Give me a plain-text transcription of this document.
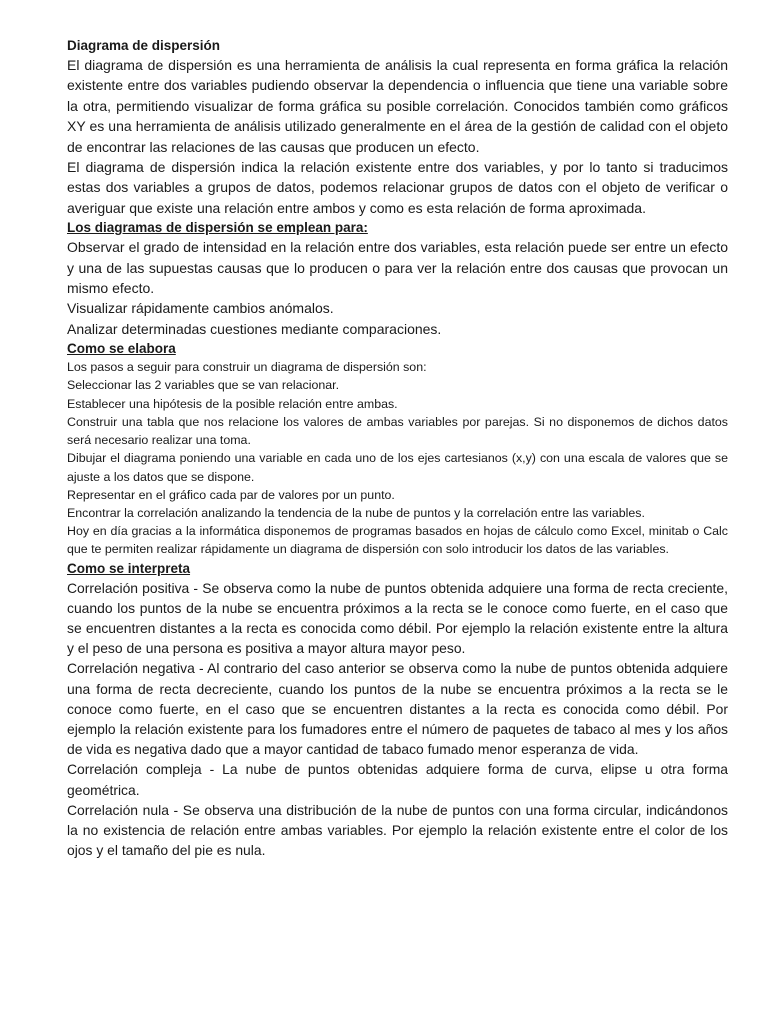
Diagrama de dispersión

El diagrama de dispersión es una herramienta de análisis la cual representa en forma gráfica la relación existente entre dos variables pudiendo observar la dependencia o influencia que tiene una variable sobre la otra, permitiendo visualizar de forma gráfica su posible correlación. Conocidos también como gráficos XY es una herramienta de análisis utilizado generalmente en el área de la gestión de calidad con el objeto de encontrar las relaciones de las causas que producen un efecto.

El diagrama de dispersión indica la relación existente entre dos variables, y por lo tanto si traducimos estas dos variables a grupos de datos, podemos relacionar grupos de datos con el objeto de verificar o averiguar que existe una relación entre ambos y como es esta relación de forma aproximada.

Los diagramas de dispersión se emplean para:

Observar el grado de intensidad en la relación entre dos variables, esta relación puede ser entre un efecto y una de las supuestas causas que lo producen o para ver la relación entre dos causas que provocan un mismo efecto.

Visualizar rápidamente cambios anómalos.

Analizar determinadas cuestiones mediante comparaciones.

Como se elabora

Los pasos a seguir para construir un diagrama de dispersión son:

Seleccionar las 2 variables que se van relacionar.

Establecer una hipótesis de la posible relación entre ambas.

Construir una tabla que nos relacione los valores de ambas variables por parejas. Si no disponemos de dichos datos será necesario realizar una toma.

Dibujar el diagrama poniendo una variable en cada uno de los ejes cartesianos (x,y) con una escala de valores que se ajuste a los datos que se dispone.

Representar en el gráfico cada par de valores por un punto.

Encontrar la correlación analizando la tendencia de la nube de puntos y la correlación entre las variables.

Hoy en día gracias a la informática disponemos de programas basados en hojas de cálculo como Excel, minitab o Calc que te permiten realizar rápidamente un diagrama de dispersión con solo introducir los datos de las variables.

Como se interpreta

Correlación positiva - Se observa como la nube de puntos obtenida adquiere una forma de recta creciente, cuando los puntos de la nube se encuentra próximos a la recta se le conoce como fuerte, en el caso que se encuentren distantes a la recta es conocida como débil. Por ejemplo la relación existente entre la altura y el peso de una persona es positiva a mayor altura mayor peso.

Correlación negativa - Al contrario del caso anterior se observa como la nube de puntos obtenida adquiere una forma de recta decreciente, cuando los puntos de la nube se encuentra próximos a la recta se le conoce como fuerte, en el caso que se encuentren distantes a la recta es conocida como débil. Por ejemplo la relación existente para los fumadores entre el número de paquetes de tabaco al mes y los años de vida es negativa dado que a mayor cantidad de tabaco fumado menor esperanza de vida.

Correlación compleja - La nube de puntos obtenidas adquiere forma de curva, elipse u otra forma geométrica.

Correlación nula - Se observa una distribución de la nube de puntos con una forma circular, indicándonos la no existencia de relación entre ambas variables. Por ejemplo la relación existente entre el color de los ojos y el tamaño del pie es nula.
